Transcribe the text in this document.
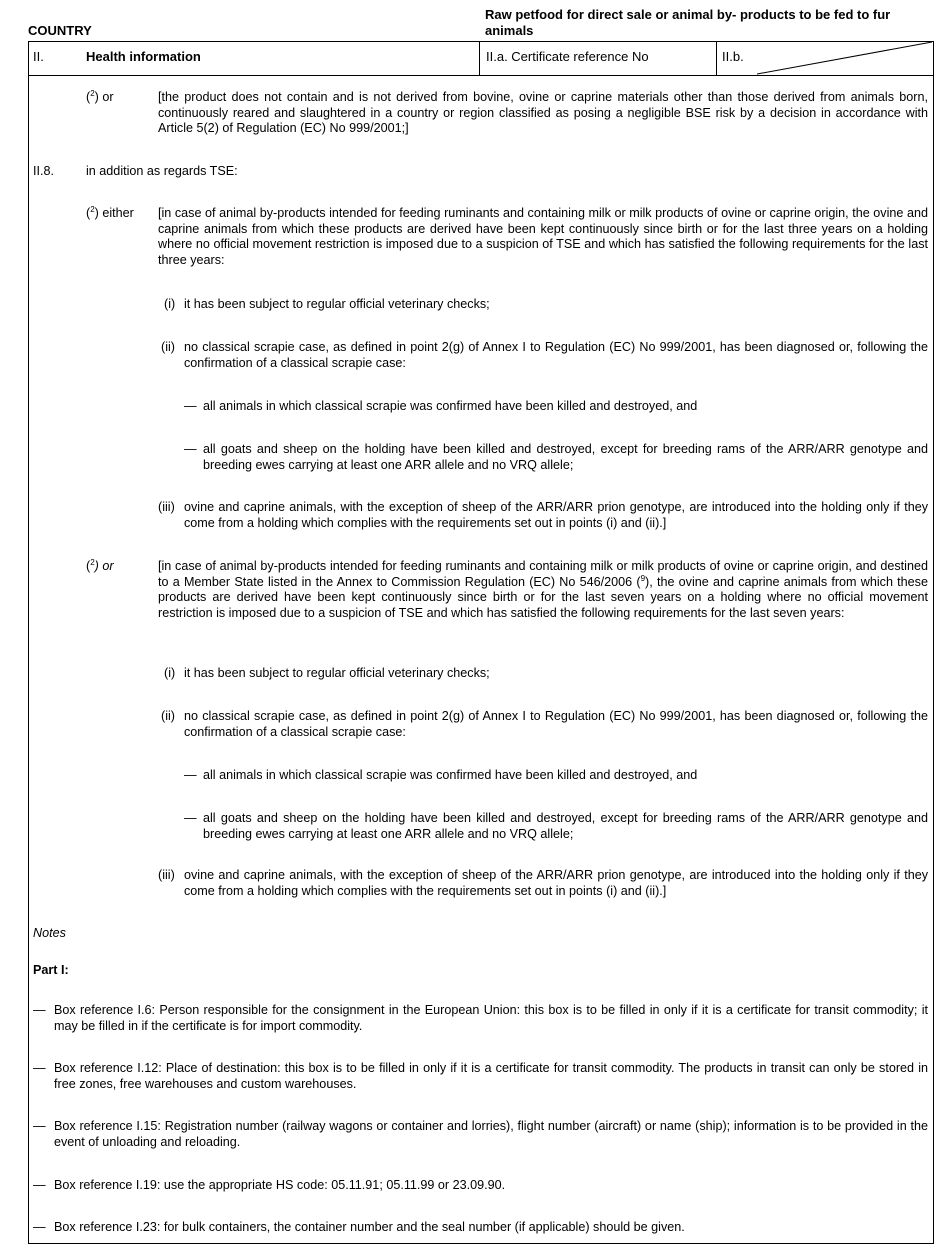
COUNTRY
Raw petfood for direct sale or animal by- products to be fed to fur animals
II.	Health information	II.a. Certificate reference No	II.b.
($^2$) or	[the product does not contain and is not derived from bovine, ovine or caprine materials other than those derived from animals born, continuously reared and slaughtered in a country or region classified as posing a negligible BSE risk by a decision in accordance with Article 5(2) of Regulation (EC) No 999/2001;]
II.8.	in addition as regards TSE:
($^2$) either [in case of animal by-products intended for feeding ruminants and containing milk or milk products of ovine or caprine origin, the ovine and caprine animals from which these products are derived have been kept continuously since birth or for the last three years on a holding where no official movement restriction is imposed due to a suspicion of TSE and which has satisfied the following requirements for the last three years:
(i) it has been subject to regular official veterinary checks;
(ii) no classical scrapie case, as defined in point 2(g) of Annex I to Regulation (EC) No 999/2001, has been diagnosed or, following the confirmation of a classical scrapie case:
— all animals in which classical scrapie was confirmed have been killed and destroyed, and
— all goats and sheep on the holding have been killed and destroyed, except for breeding rams of the ARR/ARR genotype and breeding ewes carrying at least one ARR allele and no VRQ allele;
(iii) ovine and caprine animals, with the exception of sheep of the ARR/ARR prion genotype, are introduced into the holding only if they come from a holding which complies with the requirements set out in points (i) and (ii).]
($^2$) or	[in case of animal by-products intended for feeding ruminants and containing milk or milk products of ovine or caprine origin, and destined to a Member State listed in the Annex to Commission Regulation (EC) No 546/2006 ($^9$), the ovine and caprine animals from which these products are derived have been kept continuously since birth or for the last seven years on a holding where no official movement restriction is imposed due to a suspicion of TSE and which has satisfied the following requirements for the last seven years:
(i) it has been subject to regular official veterinary checks;
(ii) no classical scrapie case, as defined in point 2(g) of Annex I to Regulation (EC) No 999/2001, has been diagnosed or, following the confirmation of a classical scrapie case:
— all animals in which classical scrapie was confirmed have been killed and destroyed, and
— all goats and sheep on the holding have been killed and destroyed, except for breeding rams of the ARR/ARR genotype and breeding ewes carrying at least one ARR allele and no VRQ allele;
(iii) ovine and caprine animals, with the exception of sheep of the ARR/ARR prion genotype, are introduced into the holding only if they come from a holding which complies with the requirements set out in points (i) and (ii).]
Notes
Part I:
— Box reference I.6: Person responsible for the consignment in the European Union: this box is to be filled in only if it is a certificate for transit commodity; it may be filled in if the certificate is for import commodity.
— Box reference I.12: Place of destination: this box is to be filled in only if it is a certificate for transit commodity. The products in transit can only be stored in free zones, free warehouses and custom warehouses.
— Box reference I.15: Registration number (railway wagons or container and lorries), flight number (aircraft) or name (ship); information is to be provided in the event of unloading and reloading.
— Box reference I.19: use the appropriate HS code: 05.11.91; 05.11.99 or 23.09.90.
— Box reference I.23: for bulk containers, the container number and the seal number (if applicable) should be given.
